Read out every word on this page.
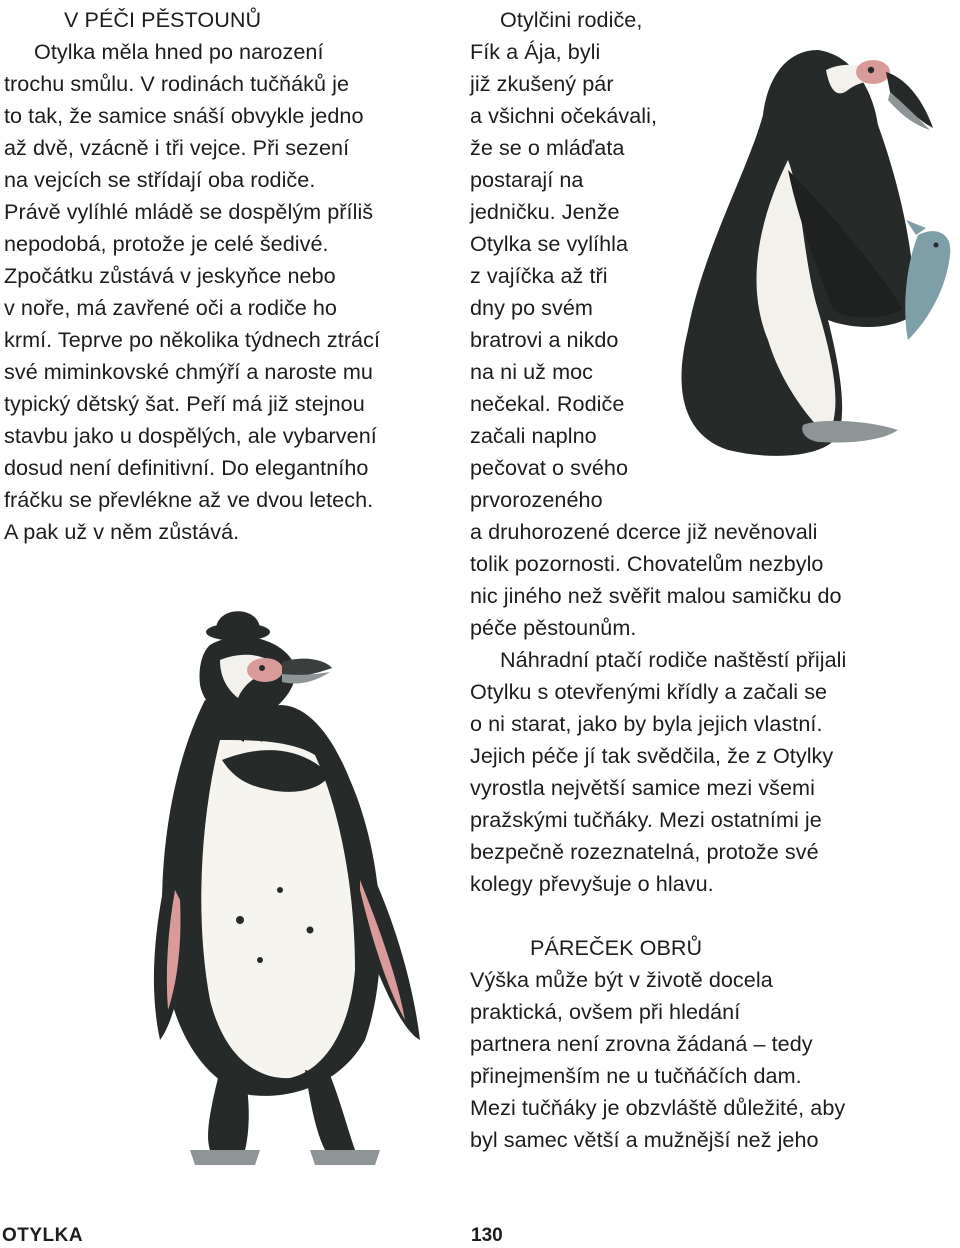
V PÉČI PĚSTOUNŮ
Otylka měla hned po narození
trochu smůlu. V rodinách tučňáků je
to tak, že samice snáší obvykle jedno
až dvě, vzácně i tři vejce. Při sezení
na vejcích se střídají oba rodiče.
Právě vylíhlé mládě se dospělým příliš
nepodobá, protože je celé šedivé.
Zpočátku zůstává v jeskyňce nebo
v noře, má zavřené oči a rodiče ho
krmí. Teprve po několika týdnech ztrácí
své miminkovské chmýří a naroste mu
typický dětský šat. Peří má již stejnou
stavbu jako u dospělých, ale vybarvení
dosud není definitivní. Do elegantního
fráčku se převlékne až ve dvou letech.
A pak už v něm zůstává.
Otylčini rodiče,
Fík a Ája, byli
již zkušený pár
a všichni očekávali,
že se o mláďata
postarají na
jedničku. Jenže
Otylka se vylíhla
z vajíčka až tři
dny po svém
bratrovi a nikdo
na ni už moc
nečekal. Rodiče
začali naplno
pečovat o svého
prvorozeného
a druhorozené dcerce již nevěnovali
tolik pozornosti. Chovatelům nezbylo
nic jiného než svěřit malou samičku do
péče pěstounům.
Náhradní ptačí rodiče naštěstí přijali
Otylku s otevřenými křídly a začali se
o ni starat, jako by byla jejich vlastní.
Jejich péče jí tak svědčila, že z Otylky
vyrostla největší samice mezi všemi
pražskými tučňáky. Mezi ostatními je
bezpečně rozeznatelná, protože své
kolegy převyšuje o hlavu.
PÁREČEK OBRŮ
Výška může být v životě docela
praktická, ovšem při hledání
partnera není zrovna žádaná – tedy
přinejmenším ne u tučňáčích dam.
Mezi tučňáky je obzvláště důležité, aby
byl samec větší a mužnější než jeho
OTYLKA	130
